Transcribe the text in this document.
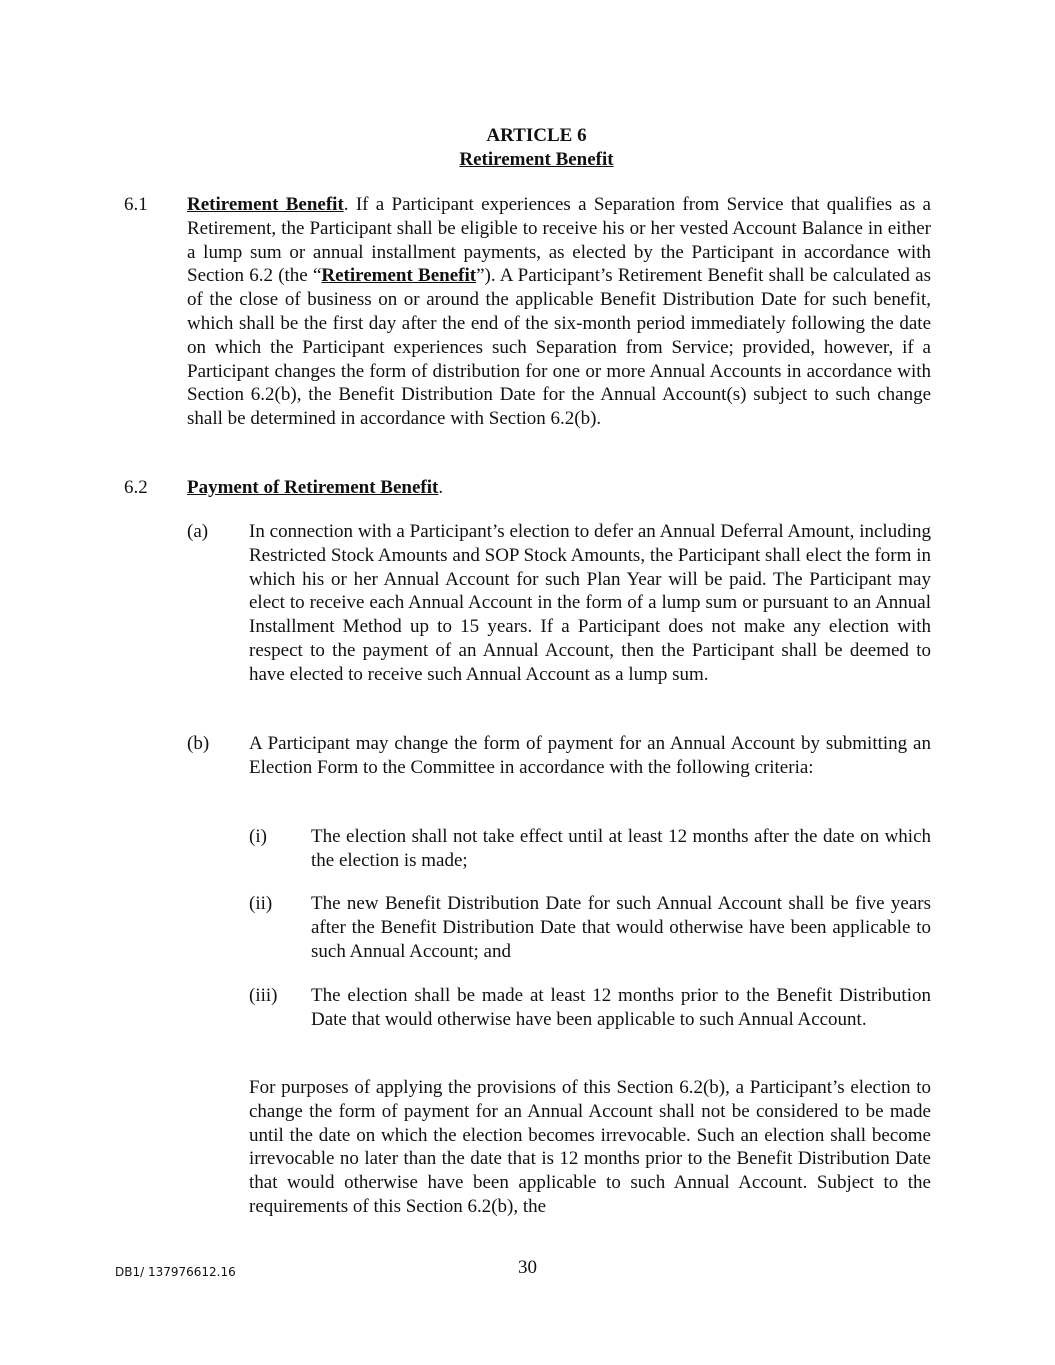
ARTICLE 6
Retirement Benefit
6.1 Retirement Benefit. If a Participant experiences a Separation from Service that qualifies as a Retirement, the Participant shall be eligible to receive his or her vested Account Balance in either a lump sum or annual installment payments, as elected by the Participant in accordance with Section 6.2 (the “Retirement Benefit”). A Participant’s Retirement Benefit shall be calculated as of the close of business on or around the applicable Benefit Distribution Date for such benefit, which shall be the first day after the end of the six-month period immediately following the date on which the Participant experiences such Separation from Service; provided, however, if a Participant changes the form of distribution for one or more Annual Accounts in accordance with Section 6.2(b), the Benefit Distribution Date for the Annual Account(s) subject to such change shall be determined in accordance with Section 6.2(b).
6.2 Payment of Retirement Benefit.
(a) In connection with a Participant’s election to defer an Annual Deferral Amount, including Restricted Stock Amounts and SOP Stock Amounts, the Participant shall elect the form in which his or her Annual Account for such Plan Year will be paid. The Participant may elect to receive each Annual Account in the form of a lump sum or pursuant to an Annual Installment Method up to 15 years. If a Participant does not make any election with respect to the payment of an Annual Account, then the Participant shall be deemed to have elected to receive such Annual Account as a lump sum.
(b) A Participant may change the form of payment for an Annual Account by submitting an Election Form to the Committee in accordance with the following criteria:
(i) The election shall not take effect until at least 12 months after the date on which the election is made;
(ii) The new Benefit Distribution Date for such Annual Account shall be five years after the Benefit Distribution Date that would otherwise have been applicable to such Annual Account; and
(iii) The election shall be made at least 12 months prior to the Benefit Distribution Date that would otherwise have been applicable to such Annual Account.
For purposes of applying the provisions of this Section 6.2(b), a Participant’s election to change the form of payment for an Annual Account shall not be considered to be made until the date on which the election becomes irrevocable. Such an election shall become irrevocable no later than the date that is 12 months prior to the Benefit Distribution Date that would otherwise have been applicable to such Annual Account. Subject to the requirements of this Section 6.2(b), the
DB1/ 137976612.16	30
